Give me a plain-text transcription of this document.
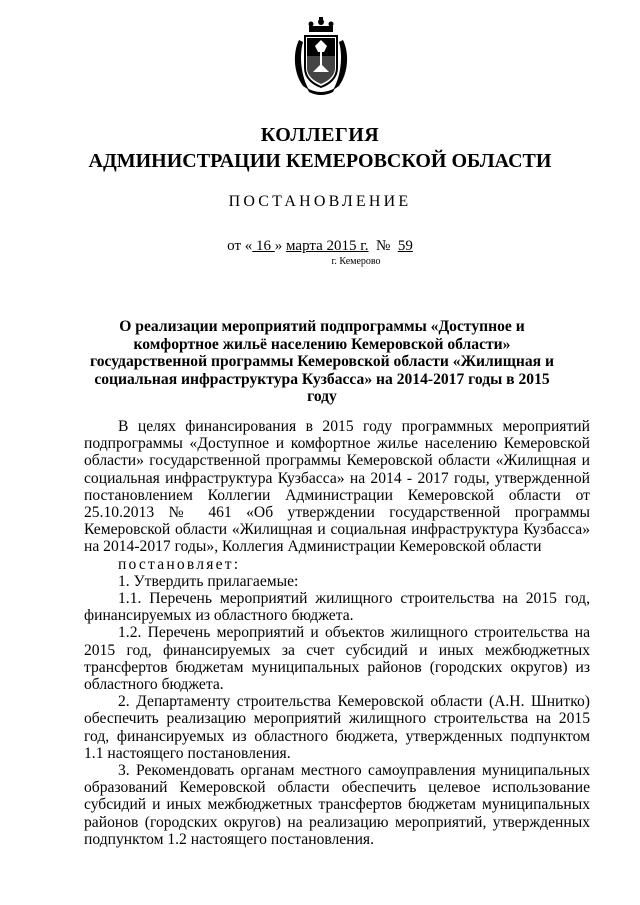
КОЛЛЕГИЯ
АДМИНИСТРАЦИИ КЕМЕРОВСКОЙ ОБЛАСТИ
ПОСТАНОВЛЕНИЕ
от « 16 » марта 2015 г. № 59
г. Кемерово
О реализации мероприятий подпрограммы «Доступное и комфортное жильё населению Кемеровской области» государственной программы Кемеровской области «Жилищная и социальная инфраструктура Кузбасса» на 2014-2017 годы в 2015 году

В целях финансирования в 2015 году программных мероприятий подпрограммы «Доступное и комфортное жилье населению Кемеровской области» государственной программы Кемеровской области «Жилищная и социальная инфраструктура Кузбасса» на 2014 - 2017 годы, утвержденной постановлением Коллегии Администрации Кемеровской области от 25.10.2013 № 461 «Об утверждении государственной программы Кемеровской области «Жилищная и социальная инфраструктура Кузбасса» на 2014-2017 годы», Коллегия Администрации Кемеровской области

постановляет:

1. Утвердить прилагаемые:

1.1. Перечень мероприятий жилищного строительства на 2015 год, финансируемых из областного бюджета.

1.2. Перечень мероприятий и объектов жилищного строительства на 2015 год, финансируемых за счет субсидий и иных межбюджетных трансфертов бюджетам муниципальных районов (городских округов) из областного бюджета.

2. Департаменту строительства Кемеровской области (А.Н. Шнитко) обеспечить реализацию мероприятий жилищного строительства на 2015 год, финансируемых из областного бюджета, утвержденных подпунктом 1.1 настоящего постановления.

3. Рекомендовать органам местного самоуправления муниципальных образований Кемеровской области обеспечить целевое использование субсидий и иных межбюджетных трансфертов бюджетам муниципальных районов (городских округов) на реализацию мероприятий, утвержденных подпунктом 1.2 настоящего постановления.
